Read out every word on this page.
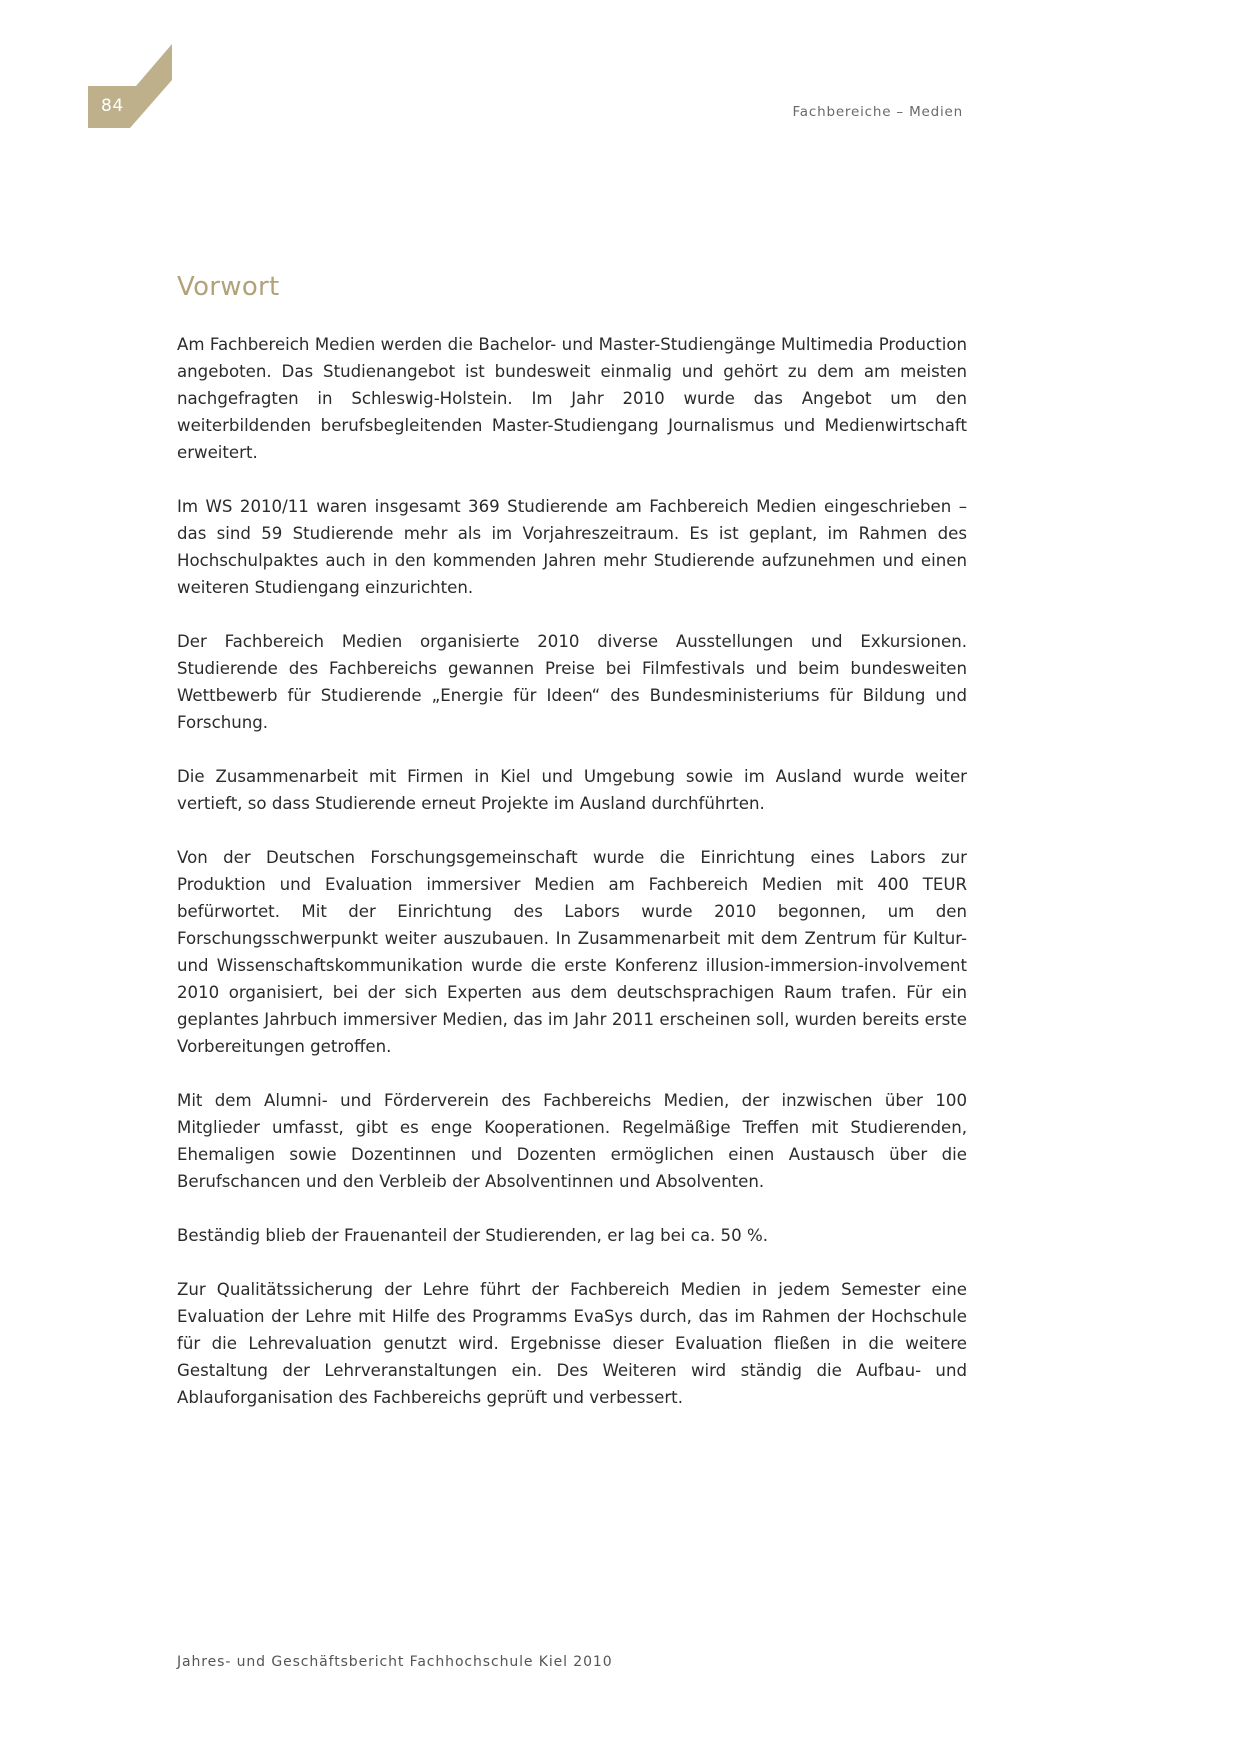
84	Fachbereiche – Medien
Vorwort

Am Fachbereich Medien werden die Bachelor- und Master-Studiengänge Multimedia Production angeboten. Das Studienangebot ist bundesweit einmalig und gehört zu dem am meisten nachgefragten in Schleswig-Holstein. Im Jahr 2010 wurde das Angebot um den weiterbildenden berufsbegleitenden Master-Studiengang Journalismus und Medienwirtschaft erweitert.

Im WS 2010/11 waren insgesamt 369 Studierende am Fachbereich Medien eingeschrieben – das sind 59 Studierende mehr als im Vorjahreszeitraum. Es ist geplant, im Rahmen des Hochschulpaktes auch in den kommenden Jahren mehr Studierende aufzunehmen und einen weiteren Studiengang einzurichten.

Der Fachbereich Medien organisierte 2010 diverse Ausstellungen und Exkursionen. Studierende des Fachbereichs gewannen Preise bei Filmfestivals und beim bundesweiten Wettbewerb für Studierende „Energie für Ideen“ des Bundesministeriums für Bildung und Forschung.

Die Zusammenarbeit mit Firmen in Kiel und Umgebung sowie im Ausland wurde weiter vertieft, so dass Studierende erneut Projekte im Ausland durchführten.

Von der Deutschen Forschungsgemeinschaft wurde die Einrichtung eines Labors zur Produktion und Evaluation immersiver Medien am Fachbereich Medien mit 400 TEUR befürwortet. Mit der Einrichtung des Labors wurde 2010 begonnen, um den Forschungsschwerpunkt weiter auszubauen. In Zusammenarbeit mit dem Zentrum für Kultur- und Wissenschaftskommunikation wurde die erste Konferenz illusion-immersion-involvement 2010 organisiert, bei der sich Experten aus dem deutschsprachigen Raum trafen. Für ein geplantes Jahrbuch immersiver Medien, das im Jahr 2011 erscheinen soll, wurden bereits erste Vorbereitungen getroffen.

Mit dem Alumni- und Förderverein des Fachbereichs Medien, der inzwischen über 100 Mitglieder umfasst, gibt es enge Kooperationen. Regelmäßige Treffen mit Studierenden, Ehemaligen sowie Dozentinnen und Dozenten ermöglichen einen Austausch über die Berufschancen und den Verbleib der Absolventinnen und Absolventen.

Beständig blieb der Frauenanteil der Studierenden, er lag bei ca. 50 %.

Zur Qualitätssicherung der Lehre führt der Fachbereich Medien in jedem Semester eine Evaluation der Lehre mit Hilfe des Programms EvaSys durch, das im Rahmen der Hochschule für die Lehrevaluation genutzt wird. Ergebnisse dieser Evaluation fließen in die weitere Gestaltung der Lehrveranstaltungen ein. Des Weiteren wird ständig die Aufbau- und Ablauforganisation des Fachbereichs geprüft und verbessert.

Jahres- und Geschäftsbericht Fachhochschule Kiel 2010
